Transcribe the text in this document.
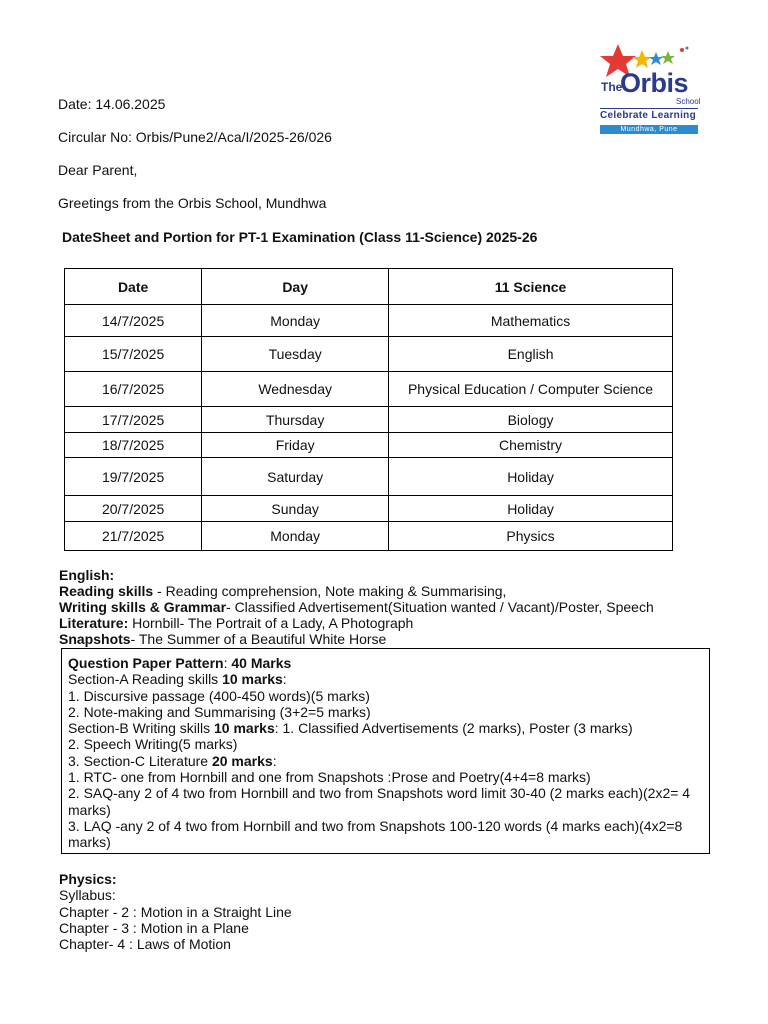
The
Orbis
School
Celebrate Learning
Mundhwa, Pune
Date: 14.06.2025
Circular No: Orbis/Pune2/Aca/I/2025-26/026
Dear Parent,
Greetings from the Orbis School, Mundhwa
DateSheet and Portion for PT-1 Examination (Class 11-Science) 2025-26
Date	Day	11 Science
14/7/2025	Monday	Mathematics
15/7/2025	Tuesday	English
16/7/2025	Wednesday	Physical Education / Computer Science
17/7/2025	Thursday	Biology
18/7/2025	Friday	Chemistry
19/7/2025	Saturday	Holiday
20/7/2025	Sunday	Holiday
21/7/2025	Monday	Physics
English:
Reading skills - Reading comprehension, Note making & Summarising,
Writing skills & Grammar- Classified Advertisement(Situation wanted / Vacant)/Poster, Speech
Literature: Hornbill- The Portrait of a Lady, A Photograph
Snapshots- The Summer of a Beautiful White Horse
Question Paper Pattern: 40 Marks
Section-A Reading skills 10 marks:
1. Discursive passage (400-450 words)(5 marks)
2. Note-making and Summarising (3+2=5 marks)
Section-B Writing skills 10 marks: 1. Classified Advertisements (2 marks), Poster (3 marks)
2. Speech Writing(5 marks)
3. Section-C Literature 20 marks:
1. RTC- one from Hornbill and one from Snapshots :Prose and Poetry(4+4=8 marks)
2. SAQ-any 2 of 4 two from Hornbill and two from Snapshots word limit 30-40 (2 marks each)(2x2= 4 marks)
3. LAQ -any 2 of 4 two from Hornbill and two from Snapshots 100-120 words (4 marks each)(4x2=8 marks)
Physics:
Syllabus:
Chapter - 2 : Motion in a Straight Line
Chapter - 3 : Motion in a Plane
Chapter- 4 : Laws of Motion
